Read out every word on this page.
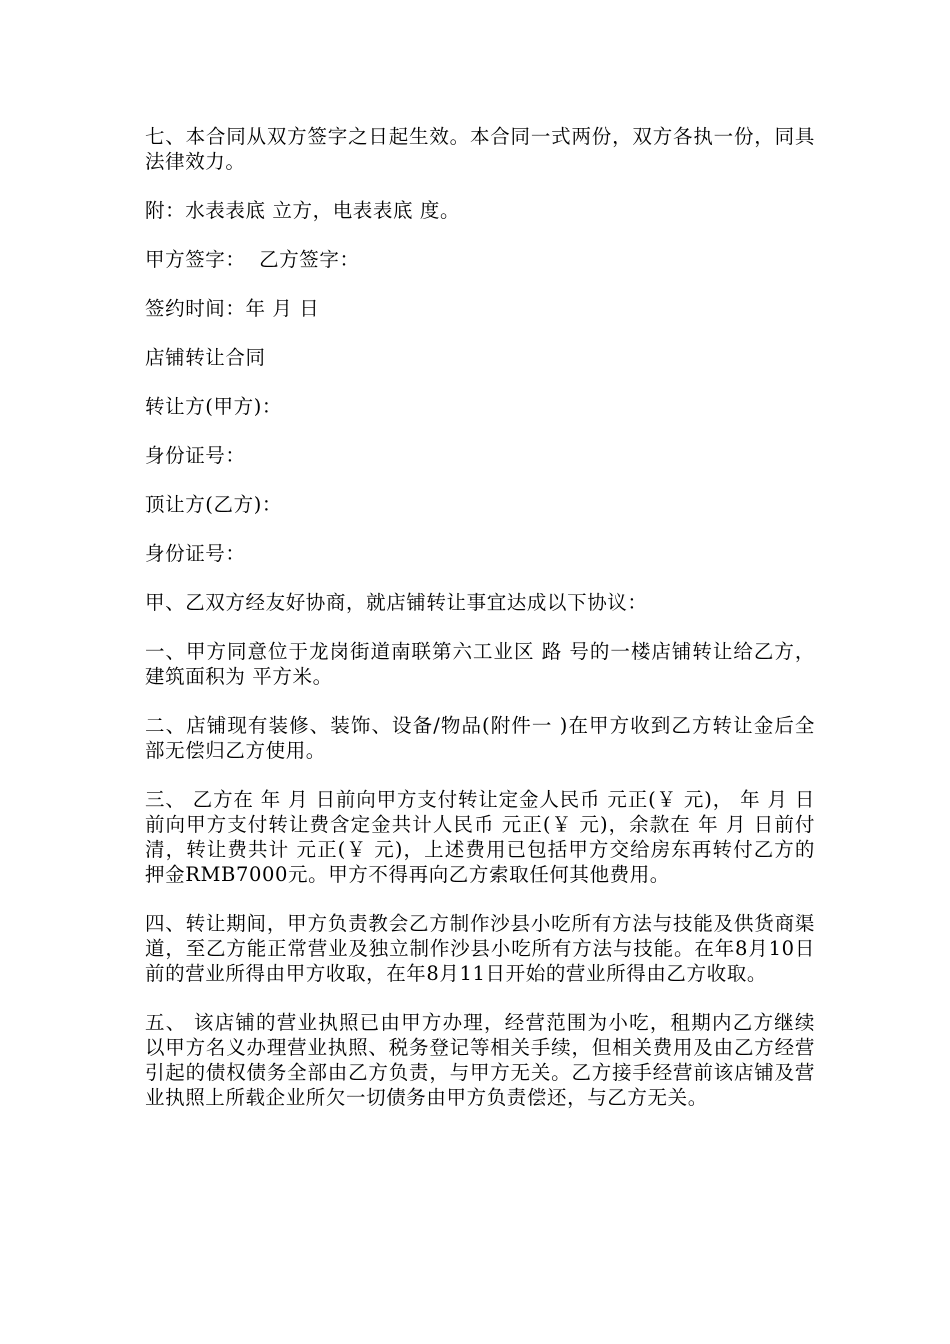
七、本合同从双方签字之日起生效。本合同一式两份，双方各执一份，同具法律效力。

附：水表表底 立方，电表表底 度。

甲方签字：  乙方签字：

签约时间：年 月 日

店铺转让合同

转让方(甲方)：

身份证号：

顶让方(乙方)：

身份证号：

甲、乙双方经友好协商，就店铺转让事宜达成以下协议：

一、甲方同意位于龙岗街道南联第六工业区 路 号的一楼店铺转让给乙方，建筑面积为 平方米。

二、店铺现有装修、装饰、设备/物品(附件一 )在甲方收到乙方转让金后全部无偿归乙方使用。

三、 乙方在 年 月 日前向甲方支付转让定金人民币 元正(￥ 元)， 年 月 日前向甲方支付转让费含定金共计人民币 元正(￥ 元)，余款在 年 月 日前付清，转让费共计 元正(￥ 元)，上述费用已包括甲方交给房东再转付乙方的押金RMB7000元。甲方不得再向乙方索取任何其他费用。

四、转让期间，甲方负责教会乙方制作沙县小吃所有方法与技能及供货商渠道，至乙方能正常营业及独立制作沙县小吃所有方法与技能。在年8月10日前的营业所得由甲方收取，在年8月11日开始的营业所得由乙方收取。

五、 该店铺的营业执照已由甲方办理，经营范围为小吃，租期内乙方继续以甲方名义办理营业执照、税务登记等相关手续，但相关费用及由乙方经营引起的债权债务全部由乙方负责，与甲方无关。乙方接手经营前该店铺及营业执照上所载企业所欠一切债务由甲方负责偿还，与乙方无关。
